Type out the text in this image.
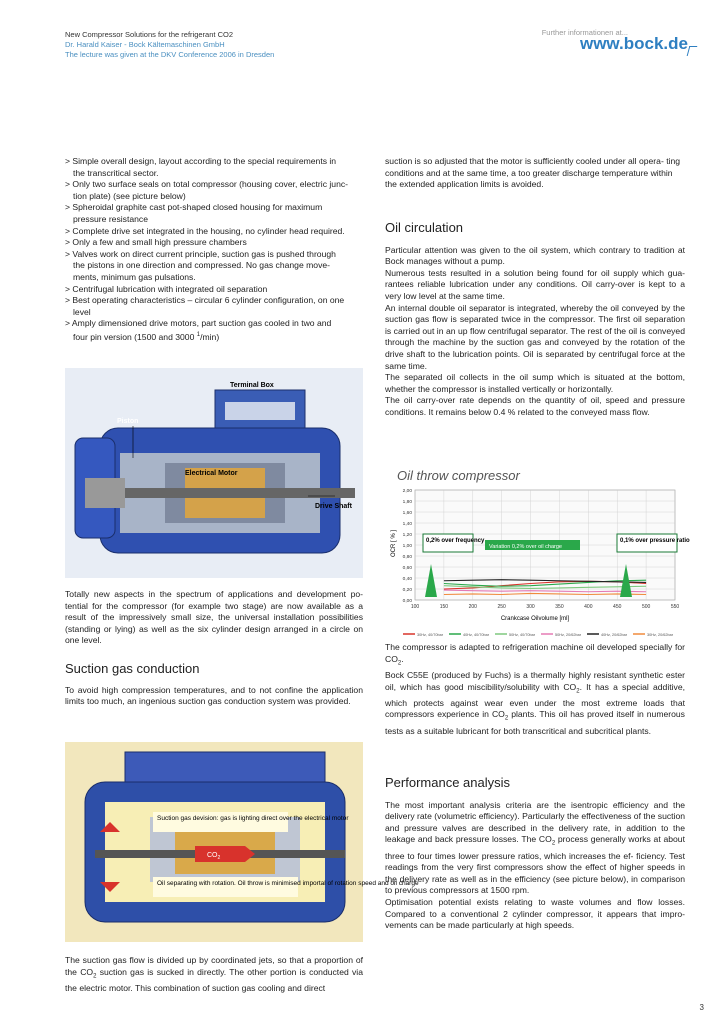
New Compressor Solutions for the refrigerant CO2
Dr. Harald Kaiser - Bock Kältemaschinen GmbH
The lecture was given at the DKV Conference 2006 in Dresden
Further informationen at...
www.bock.de
> Simple overall design, layout according to the special requirements in
the transcritical sector.
> Only two surface seals on total compressor (housing cover, electric junc-
tion plate) (see picture below)
> Spheroidal graphite cast pot-shaped closed housing for maximum
pressure resistance
> Complete drive set integrated in the housing, no cylinder head required.
> Only a few and small high pressure chambers
> Valves work on direct current principle, suction gas is pushed through
the pistons in one direction and compressed. No gas change move-
ments, minimum gas pulsations.
> Centrifugal lubrication with integrated oil separation
> Best operating characteristics – circular 6 cylinder configuration, on one
level
> Amply dimensioned drive motors, part suction gas cooled in two and
four pin version (1500 and 3000 $^1$/min)
Terminal Box
Piston
Electrical Motor
Drive Shaft

Totally new aspects in the spectrum of applications and development po- tential for the compressor (for example two stage) are now available as a result of the impressively small size, the universal installation possibilities (standing or lying) as well as the six cylinder design arranged in a circle on one level.

Suction gas conduction

To avoid high compression temperatures, and to not confine the application limits too much, an ingenious suction gas conduction system was provided.

Suction gas devision: gas is lighting direct over the electrical motor
$CO_2$
Oil separating with rotation. Oil throw is minimised importal of rotation speed and oil charge

The suction gas flow is divided up by coordinated jets, so that a proportion of the $CO_2$ suction gas is sucked in directly. The other portion is conducted via the electric motor. This combination of suction gas cooling and direct

suction is so adjusted that the motor is sufficiently cooled under all opera- ting conditions and at the same time, a too greater discharge temperature within the extended application limits is avoided.

Oil circulation

Particular attention was given to the oil system, which contrary to tradition at Bock manages without a pump.

Numerous tests resulted in a solution being found for oil supply which gua- rantees reliable lubrication under any conditions. Oil carry-over is kept to a very low level at the same time.

An internal double oil separator is integrated, whereby the oil conveyed by the suction gas flow is separated twice in the compressor. The first oil separation is carried out in an up flow centrifugal separator. The rest of the oil is conveyed through the machine by the suction gas and conveyed by the rotation of the drive shaft to the lubrication points. Oil is separated by centrifugal force at the same time.

The separated oil collects in the oil sump which is situated at the bottom, whether the compressor is installed vertically or horizontally.

The oil carry-over rate depends on the quantity of oil, speed and pressure conditions. It remains below 0.4 % related to the conveyed mass flow.

Oil throw compressor
2,00
1,80
1,60
1,40
1,20
1,00
0,80
0,60
0,40
0,20
0,00
100	150	200	250	300	350	400	450	500	550
0,2% over frequency	0,1% over pressure ratio
Variation 0,2% over oil charge
Crankcase Oilvolume [ml]
OCR [ % ]
30Hz, 40/70bar	40Hz, 40/70bar	50Hz, 40/70bar	50Hz, 20/62bar	40Hz, 20/62bar	30Hz, 20/62bar

The compressor is adapted to refrigeration machine oil developed specially for $CO_2$.

Bock C55E (produced by Fuchs) is a thermally highly resistant synthetic ester oil, which has good miscibility/solubility with $CO_2$. It has a special additive, which protects against wear even under the most extreme loads that compressors experience in $CO_2$ plants. This oil has proved itself in numerous tests as a suitable lubricant for both transcritical and subcritical plants.

Performance analysis

The most important analysis criteria are the isentropic efficiency and the delivery rate (volumetric efficiency). Particularly the effectiveness of the suction and pressure valves are described in the delivery rate, in addition to the leakage and back pressure losses. The $CO_2$ process generally works at about three to four times lower pressure ratios, which increases the ef- ficiency. Test readings from the very first compressors show the effect of higher speeds in the delivery rate as well as in the efficiency (see picture below), in comparison to previous compressors at 1500 rpm.

Optimisation potential exists relating to waste volumes and flow losses. Compared to a conventional 2 cylinder compressor, it appears that impro- vements can be made particularly at high speeds.

3
